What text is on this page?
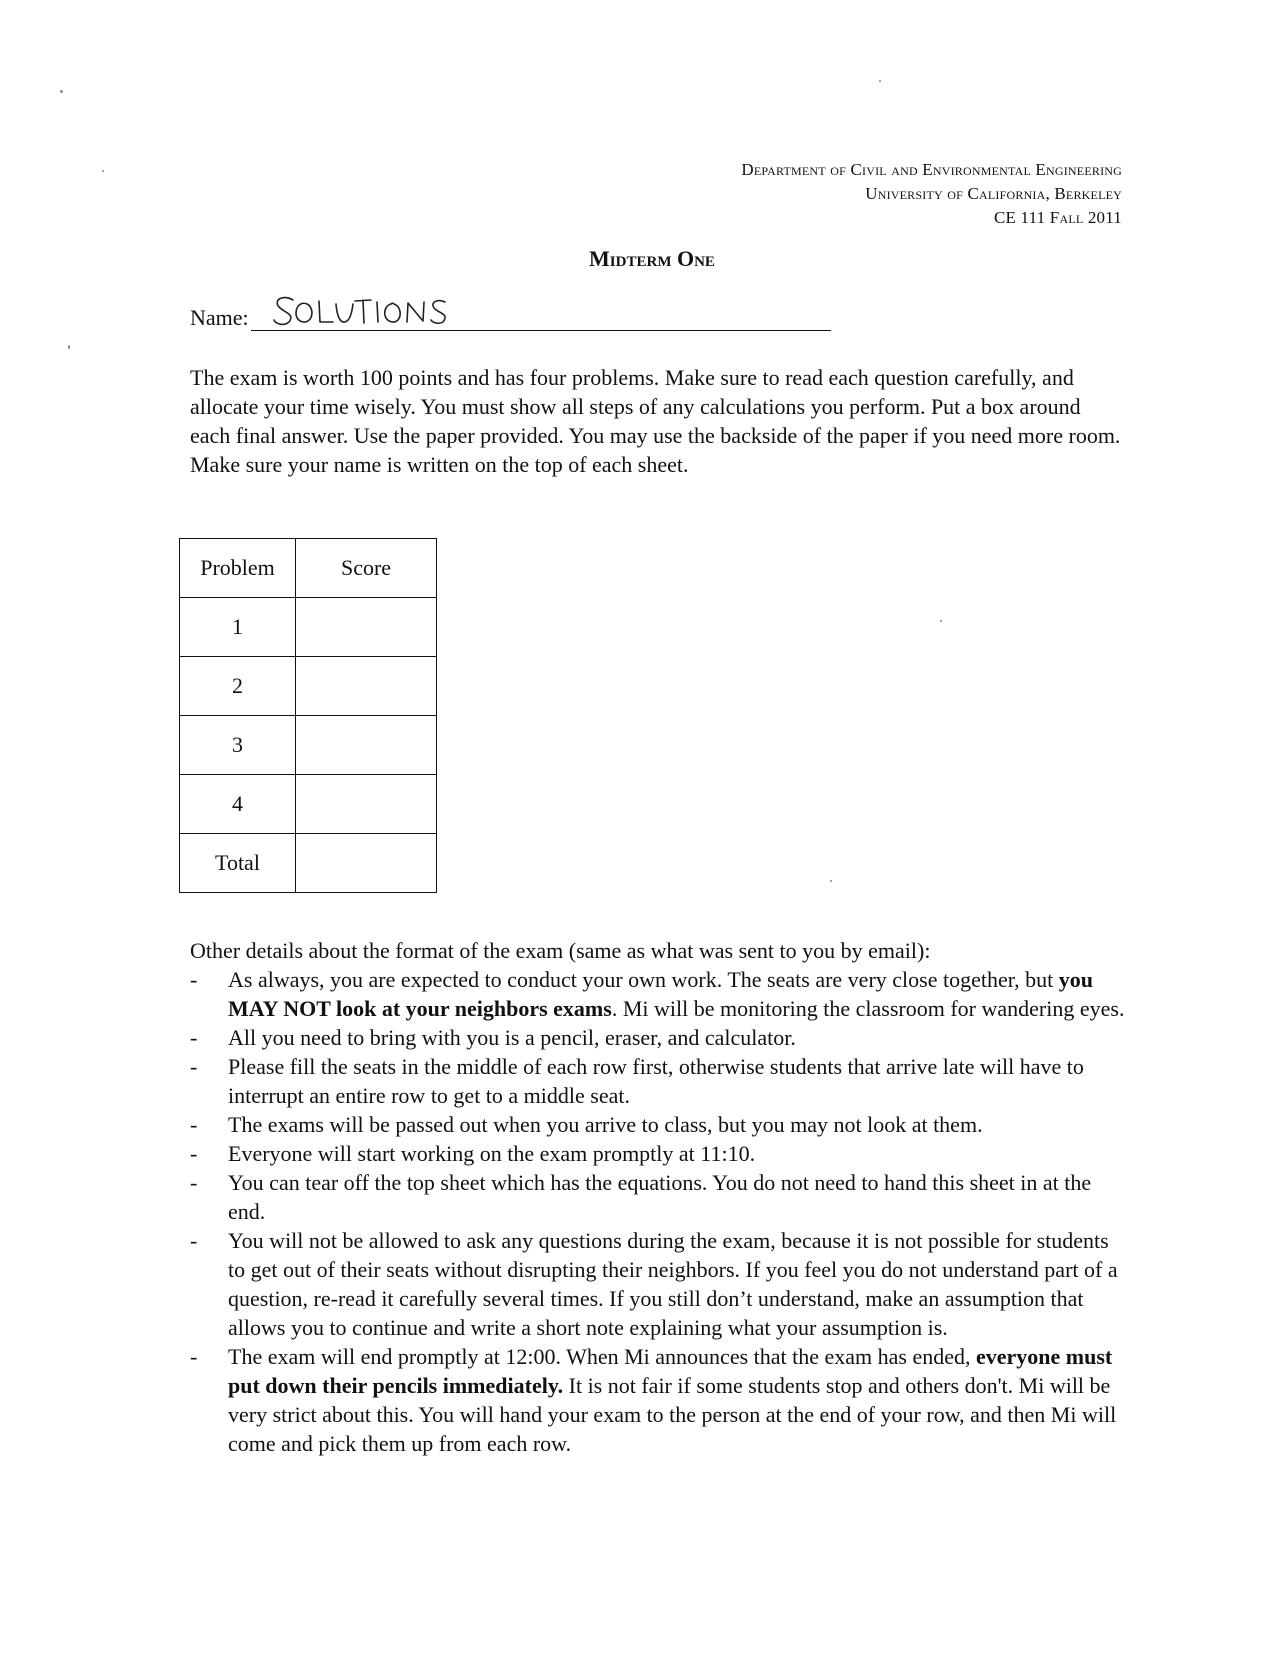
Department of Civil and Environmental Engineering
University of California, Berkeley
CE 111 Fall 2011
Midterm One
Name:
The exam is worth 100 points and has four problems. Make sure to read each question carefully, and allocate your time wisely. You must show all steps of any calculations you perform. Put a box around each final answer. Use the paper provided. You may use the backside of the paper if you need more room. Make sure your name is written on the top of each sheet.
Problem	Score
1	
2	
3	
4	
Total	

Other details about the format of the exam (same as what was sent to you by email):

- As always, you are expected to conduct your own work. The seats are very close together, but you MAY NOT look at your neighbors exams. Mi will be monitoring the classroom for wandering eyes.
- All you need to bring with you is a pencil, eraser, and calculator.
- Please fill the seats in the middle of each row first, otherwise students that arrive late will have to interrupt an entire row to get to a middle seat.
- The exams will be passed out when you arrive to class, but you may not look at them.
- Everyone will start working on the exam promptly at 11:10.
- You can tear off the top sheet which has the equations. You do not need to hand this sheet in at the end.
- You will not be allowed to ask any questions during the exam, because it is not possible for students to get out of their seats without disrupting their neighbors. If you feel you do not understand part of a question, re-read it carefully several times. If you still don’t understand, make an assumption that allows you to continue and write a short note explaining what your assumption is.
- The exam will end promptly at 12:00. When Mi announces that the exam has ended, everyone must put down their pencils immediately. It is not fair if some students stop and others don't. Mi will be very strict about this. You will hand your exam to the person at the end of your row, and then Mi will come and pick them up from each row.
